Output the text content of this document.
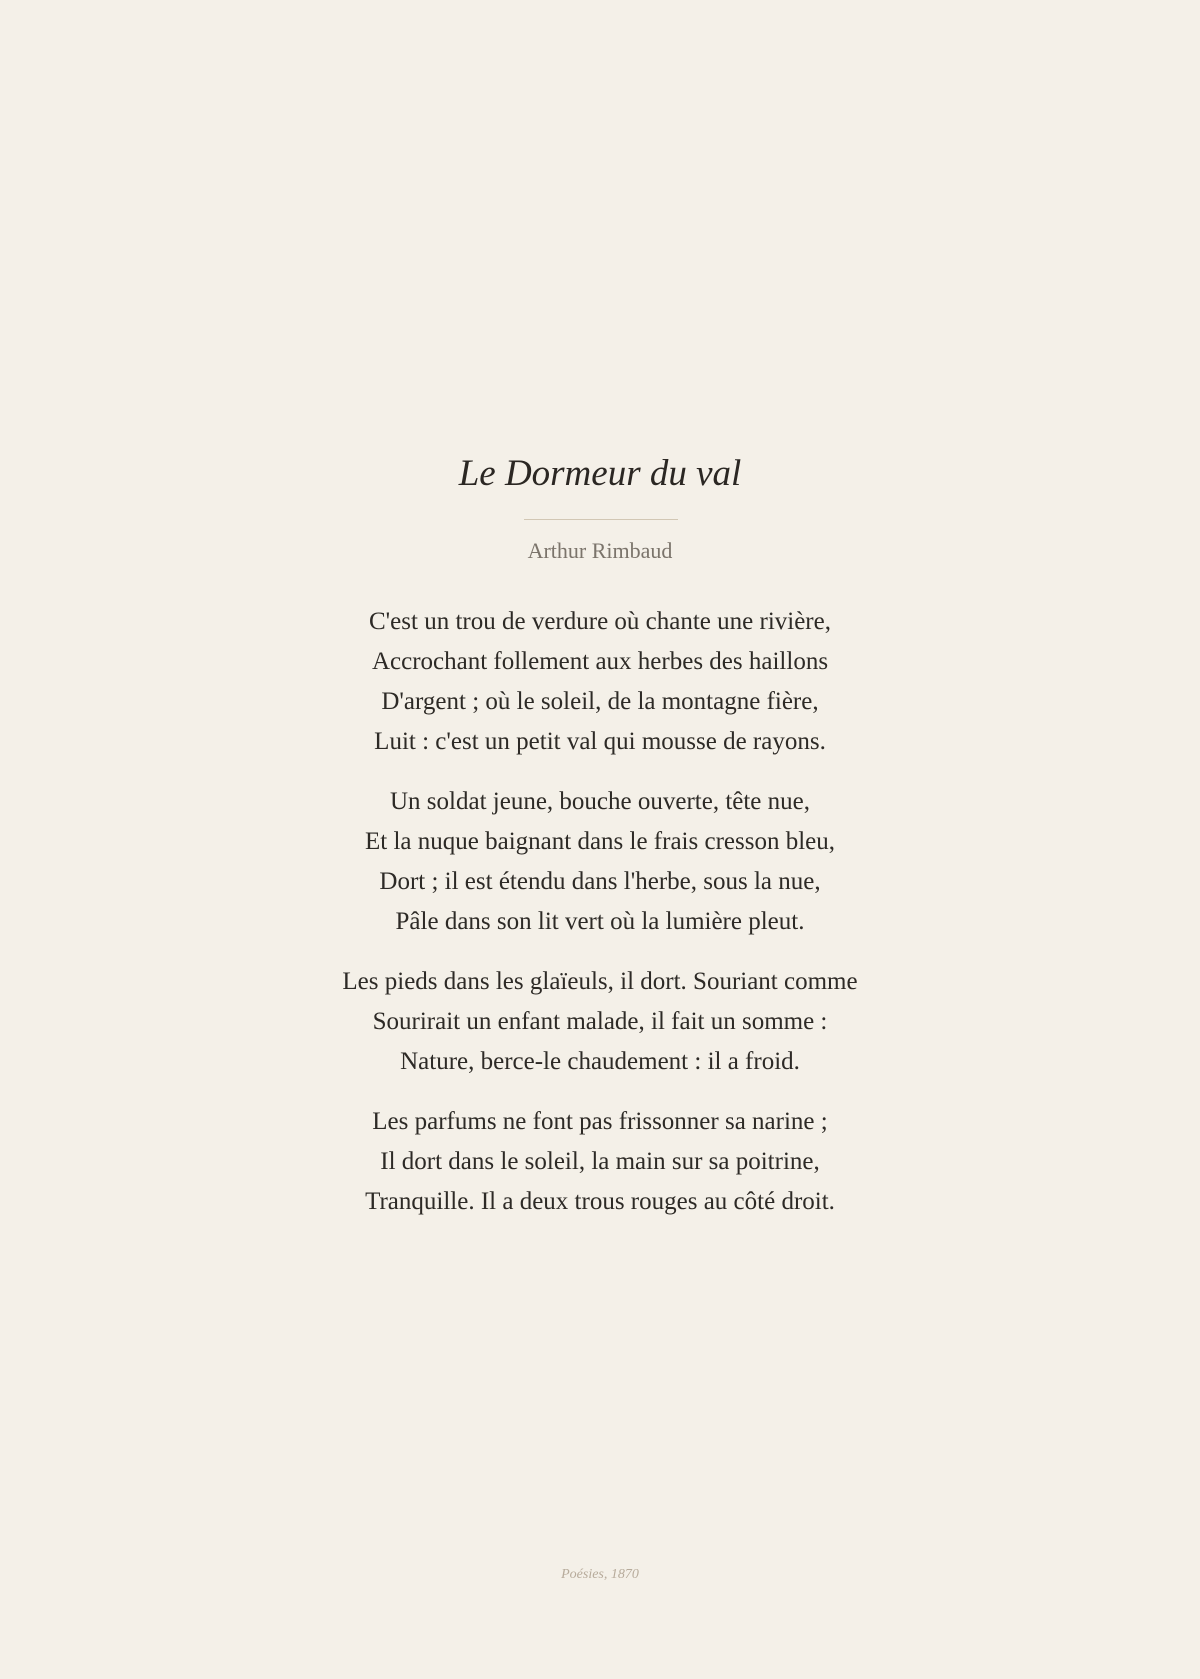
Le Dormeur du val
Arthur Rimbaud
C'est un trou de verdure où chante une rivière,
Accrochant follement aux herbes des haillons
D'argent ; où le soleil, de la montagne fière,
Luit : c'est un petit val qui mousse de rayons.
Un soldat jeune, bouche ouverte, tête nue,
Et la nuque baignant dans le frais cresson bleu,
Dort ; il est étendu dans l'herbe, sous la nue,
Pâle dans son lit vert où la lumière pleut.
Les pieds dans les glaïeuls, il dort. Souriant comme
Sourirait un enfant malade, il fait un somme :
Nature, berce-le chaudement : il a froid.
Les parfums ne font pas frissonner sa narine ;
Il dort dans le soleil, la main sur sa poitrine,
Tranquille. Il a deux trous rouges au côté droit.
Poésies, 1870
